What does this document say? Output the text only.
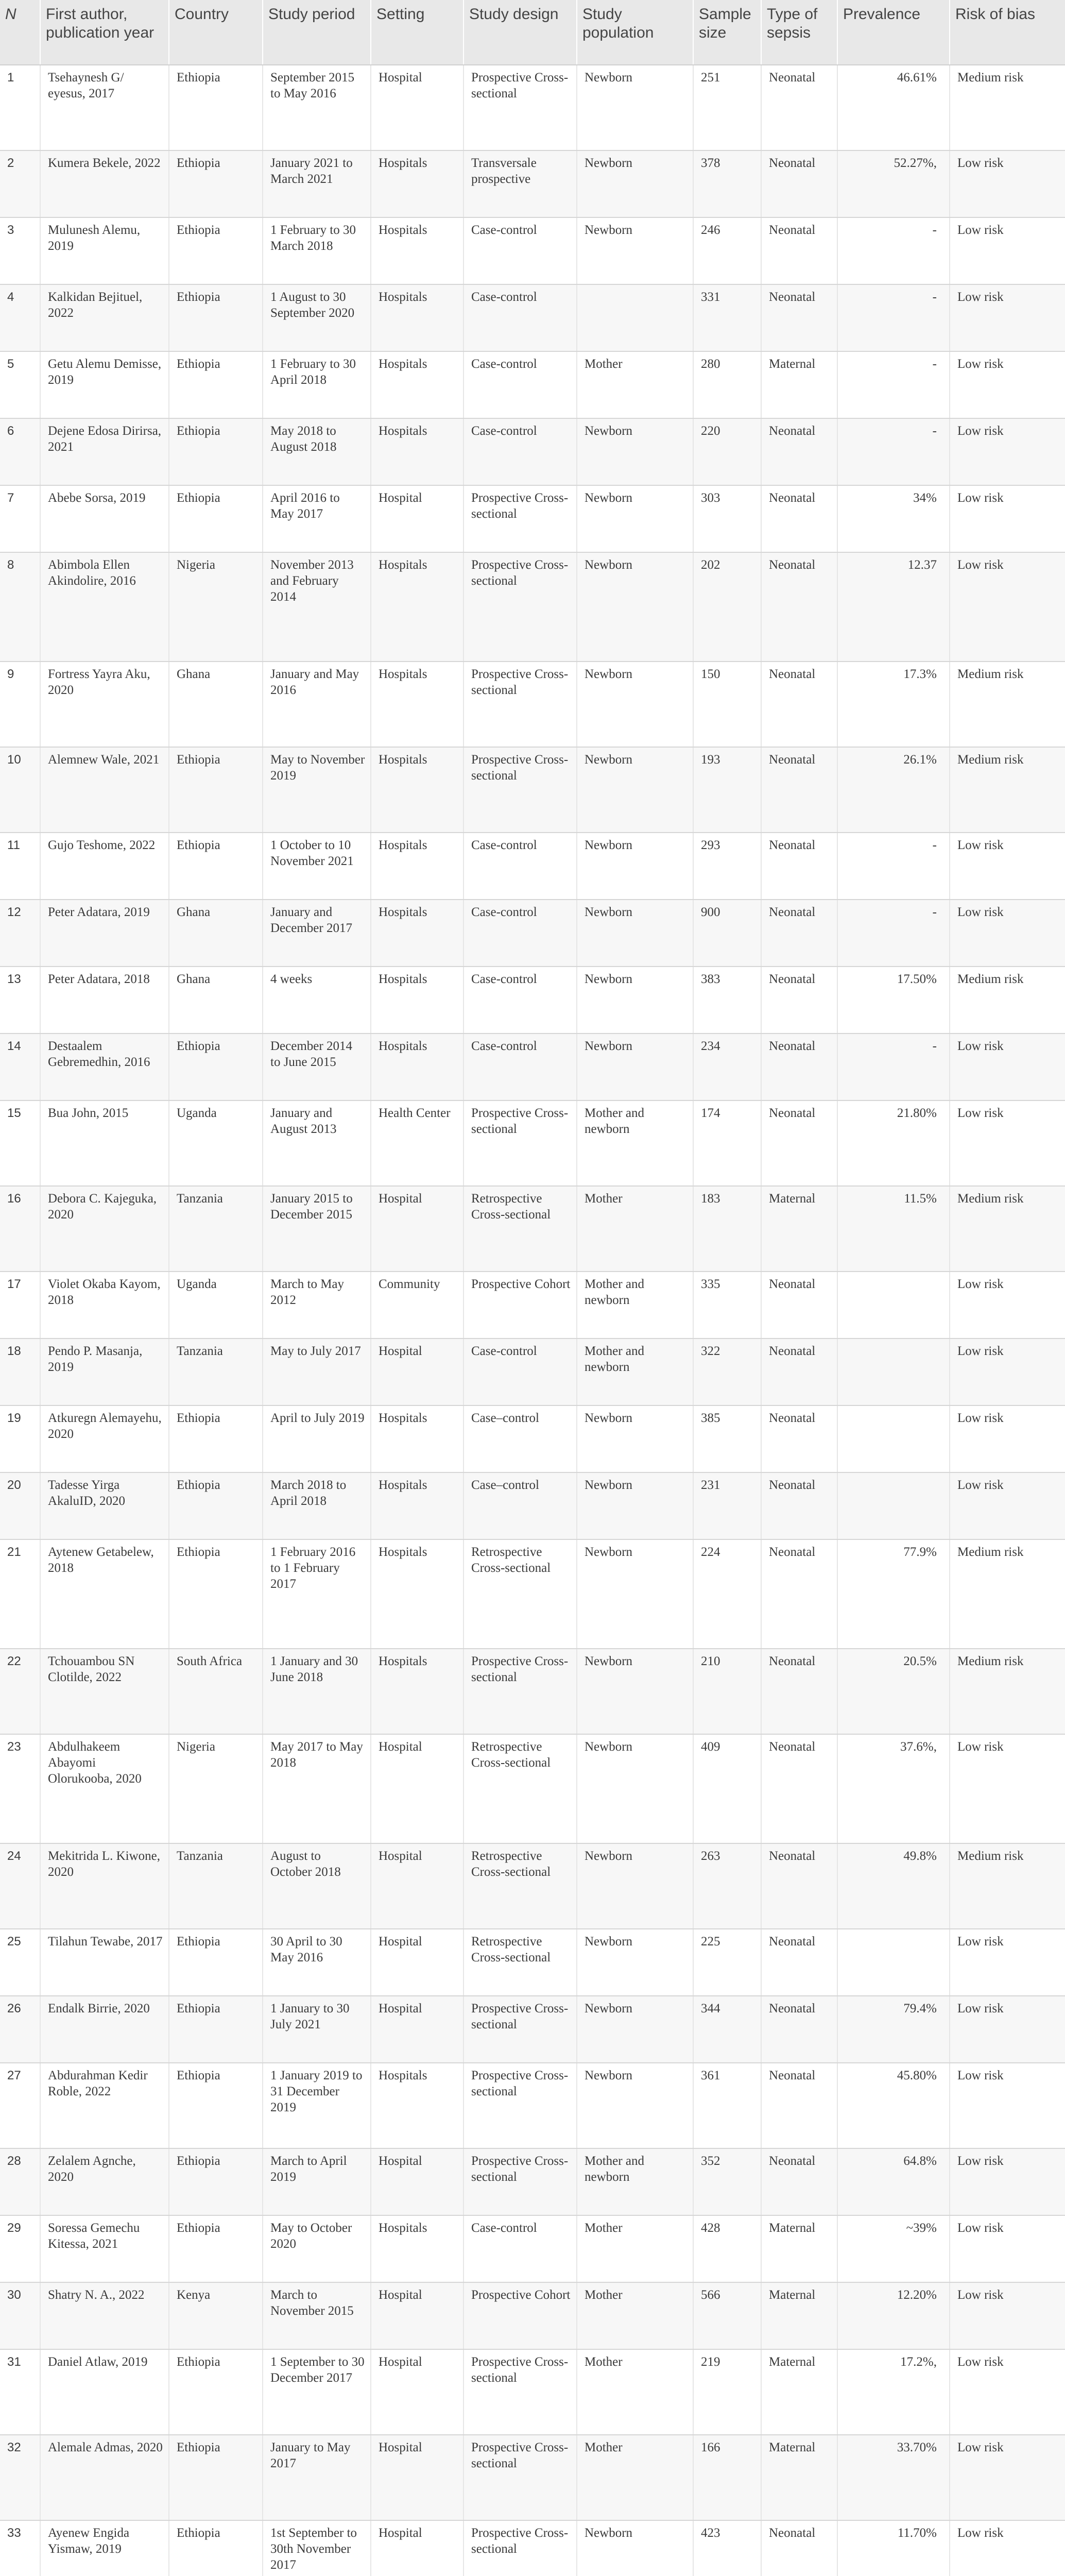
N	First author, publication year	Country	Study period	Setting	Study design	Study population	Sample size	Type of sepsis	Prevalence	Risk of bias
1	Tsehaynesh G/ eyesus, 2017	Ethiopia	September 2015 to May 2016	Hospital	Prospective Cross-sectional	Newborn	251	Neonatal	46.61%	Medium risk
2	Kumera Bekele, 2022	Ethiopia	January 2021 to March 2021	Hospitals	Transversale prospective	Newborn	378	Neonatal	52.27%,	Low risk
3	Mulunesh Alemu, 2019	Ethiopia	1 February to 30 March 2018	Hospitals	Case-control	Newborn	246	Neonatal	-	Low risk
4	Kalkidan Bejituel, 2022	Ethiopia	1 August to 30 September 2020	Hospitals	Case-control		331	Neonatal	-	Low risk
5	Getu Alemu Demisse, 2019	Ethiopia	1 February to 30 April 2018	Hospitals	Case-control	Mother	280	Maternal	-	Low risk
6	Dejene Edosa Dirirsa, 2021	Ethiopia	May 2018 to August 2018	Hospitals	Case-control	Newborn	220	Neonatal	-	Low risk
7	Abebe Sorsa, 2019	Ethiopia	April 2016 to May 2017	Hospital	Prospective Cross-sectional	Newborn	303	Neonatal	34%	Low risk
8	Abimbola Ellen Akindolire, 2016	Nigeria	November 2013 and February 2014	Hospitals	Prospective Cross-sectional	Newborn	202	Neonatal	12.37	Low risk
9	Fortress Yayra Aku, 2020	Ghana	January and May 2016	Hospitals	Prospective Cross-sectional	Newborn	150	Neonatal	17.3%	Medium risk
10	Alemnew Wale, 2021	Ethiopia	May to November 2019	Hospitals	Prospective Cross-sectional	Newborn	193	Neonatal	26.1%	Medium risk
11	Gujo Teshome, 2022	Ethiopia	1 October to 10 November 2021	Hospitals	Case-control	Newborn	293	Neonatal	-	Low risk
12	Peter Adatara, 2019	Ghana	January and December 2017	Hospitals	Case-control	Newborn	900	Neonatal	-	Low risk
13	Peter Adatara, 2018	Ghana	4 weeks	Hospitals	Case-control	Newborn	383	Neonatal	17.50%	Medium risk
14	Destaalem Gebremedhin, 2016	Ethiopia	December 2014 to June 2015	Hospitals	Case-control	Newborn	234	Neonatal	-	Low risk
15	Bua John, 2015	Uganda	January and August 2013	Health Center	Prospective Cross-sectional	Mother and newborn	174	Neonatal	21.80%	Low risk
16	Debora C. Kajeguka, 2020	Tanzania	January 2015 to December 2015	Hospital	Retrospective Cross-sectional	Mother	183	Maternal	11.5%	Medium risk
17	Violet Okaba Kayom, 2018	Uganda	March to May 2012	Community	Prospective Cohort	Mother and newborn	335	Neonatal		Low risk
18	Pendo P. Masanja, 2019	Tanzania	May to July 2017	Hospital	Case-control	Mother and newborn	322	Neonatal		Low risk
19	Atkuregn Alemayehu, 2020	Ethiopia	April to July 2019	Hospitals	Case–control	Newborn	385	Neonatal		Low risk
20	Tadesse Yirga AkaluID, 2020	Ethiopia	March 2018 to April 2018	Hospitals	Case–control	Newborn	231	Neonatal		Low risk
21	Aytenew Getabelew, 2018	Ethiopia	1 February 2016 to 1 February 2017	Hospitals	Retrospective Cross-sectional	Newborn	224	Neonatal	77.9%	Medium risk
22	Tchouambou SN Clotilde, 2022	South Africa	1 January and 30 June 2018	Hospitals	Prospective Cross-sectional	Newborn	210	Neonatal	20.5%	Medium risk
23	Abdulhakeem Abayomi Olorukooba, 2020	Nigeria	May 2017 to May 2018	Hospital	Retrospective Cross-sectional	Newborn	409	Neonatal	37.6%,	Low risk
24	Mekitrida L. Kiwone, 2020	Tanzania	August to October 2018	Hospital	Retrospective Cross-sectional	Newborn	263	Neonatal	49.8%	Medium risk
25	Tilahun Tewabe, 2017	Ethiopia	30 April to 30 May 2016	Hospital	Retrospective Cross-sectional	Newborn	225	Neonatal		Low risk
26	Endalk Birrie, 2020	Ethiopia	1 January to 30 July 2021	Hospital	Prospective Cross-sectional	Newborn	344	Neonatal	79.4%	Low risk
27	Abdurahman Kedir Roble, 2022	Ethiopia	1 January 2019 to 31 December 2019	Hospitals	Prospective Cross-sectional	Newborn	361	Neonatal	45.80%	Low risk
28	Zelalem Agnche, 2020	Ethiopia	March to April 2019	Hospital	Prospective Cross-sectional	Mother and newborn	352	Neonatal	64.8%	Low risk
29	Soressa Gemechu Kitessa, 2021	Ethiopia	May to October 2020	Hospitals	Case-control	Mother	428	Maternal	~39%	Low risk
30	Shatry N. A., 2022	Kenya	March to November 2015	Hospital	Prospective Cohort	Mother	566	Maternal	12.20%	Low risk
31	Daniel Atlaw, 2019	Ethiopia	1 September to 30 December 2017	Hospital	Prospective Cross-sectional	Mother	219	Maternal	17.2%,	Low risk
32	Alemale Admas, 2020	Ethiopia	January to May 2017	Hospital	Prospective Cross-sectional	Mother	166	Maternal	33.70%	Low risk
33	Ayenew Engida Yismaw, 2019	Ethiopia	1st September to 30th November 2017	Hospital	Prospective Cross-sectional	Newborn	423	Neonatal	11.70%	Low risk
